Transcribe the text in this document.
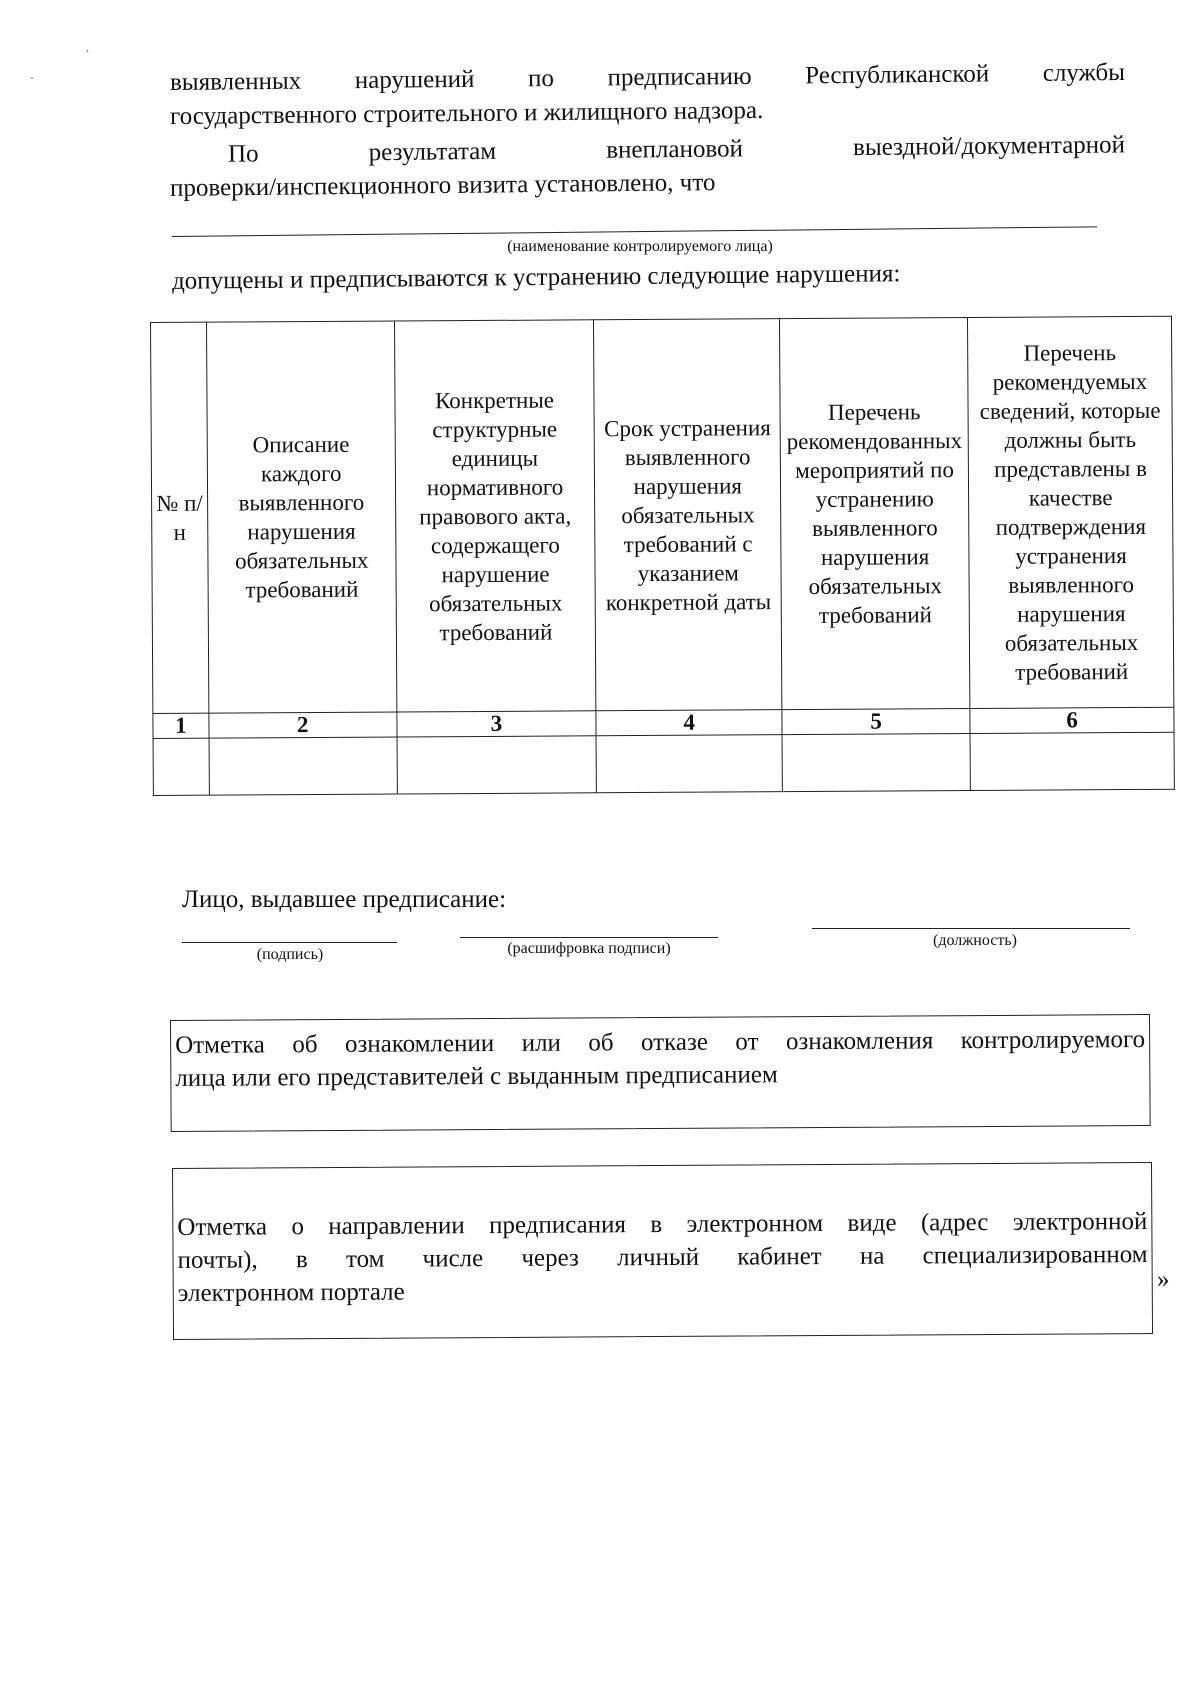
,
-	выявленных нарушений по предписанию Республиканской службы
государственного строительного и жилищного надзора.
По результатам внеплановой выездной/документарной
проверки/инспекционного визита установлено, что
(наименование контролируемого лица)
допущены и предписываются к устранению следующие нарушения:
№ п/н	Описание каждого выявленного нарушения обязательных требований	Конкретные структурные единицы нормативного правового акта, содержащего нарушение обязательных требований	Срок устранения выявленного нарушения обязательных требований с указанием конкретной даты	Перечень рекомендованных мероприятий по устранению выявленного нарушения обязательных требований	Перечень рекомендуемых сведений, которые должны быть представлены в качестве подтверждения устранения выявленного нарушения обязательных требований
1	2	3	4	5	6

Лицо, выдавшее предписание:
(подпись)	(расшифровка подписи)	(должность)
Отметка об ознакомлении или об отказе от ознакомления контролируемого
лица или его представителей с выданным предписанием
Отметка о направлении предписания в электронном виде (адрес электронной
почты), в том числе через личный кабинет на специализированном
электронном портале	»
